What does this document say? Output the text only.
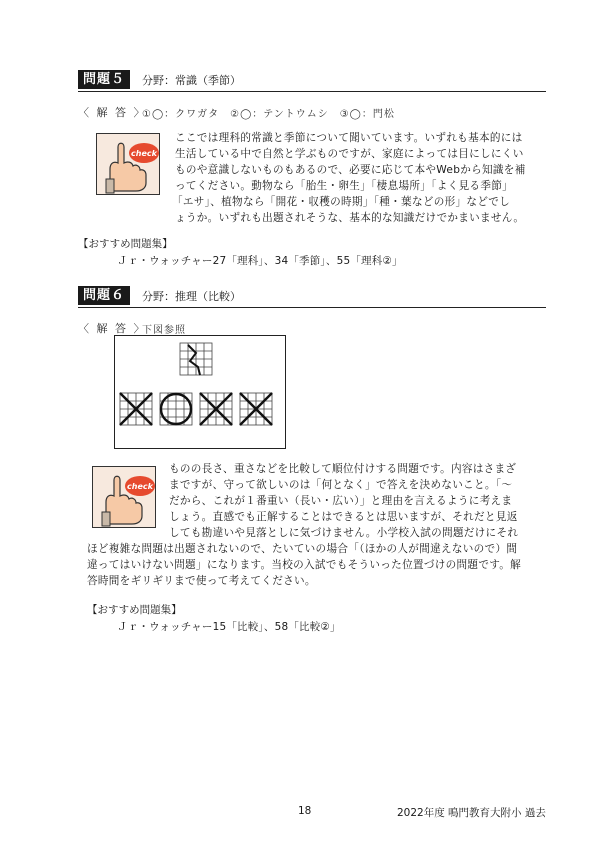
問題５	分野：常識（季節）
〈 解 答 〉
①◯：クワガタ　②◯：テントウムシ　③◯：門松
check
ここでは理科的常識と季節について聞いています。いずれも基本的には
生活している中で自然と学ぶものですが、家庭によっては目にしにくい
ものや意識しないものもあるので、必要に応じて本やWebから知識を補
ってください。動物なら「胎生・卵生」「棲息場所」「よく見る季節」
「エサ」、植物なら「開花・収穫の時期」「種・葉などの形」などでし
ょうか。いずれも出題されそうな、基本的な知識だけでかまいません。
【おすすめ問題集】
Ｊｒ・ウォッチャー27「理科」、34「季節」、55「理科②」
問題６	分野：推理（比較）
〈 解 答 〉
下図参照
check
ものの長さ、重さなどを比較して順位付けする問題です。内容はさまざ
まですが、守って欲しいのは「何となく」で答えを決めないこと。「～
だから、これが１番重い（長い・広い）」と理由を言えるように考えま
しょう。直感でも正解することはできるとは思いますが、それだと見返
しても勘違いや見落としに気づけません。小学校入試の問題だけにそれ
ほど複雑な問題は出題されないので、たいていの場合「（ほかの人が間違えないので）間
違ってはいけない問題」になります。当校の入試でもそういった位置づけの問題です。解
答時間をギリギリまで使って考えてください。
【おすすめ問題集】
Ｊｒ・ウォッチャー15「比較」、58「比較②」
18	2022年度 鳴門教育大附小 過去
